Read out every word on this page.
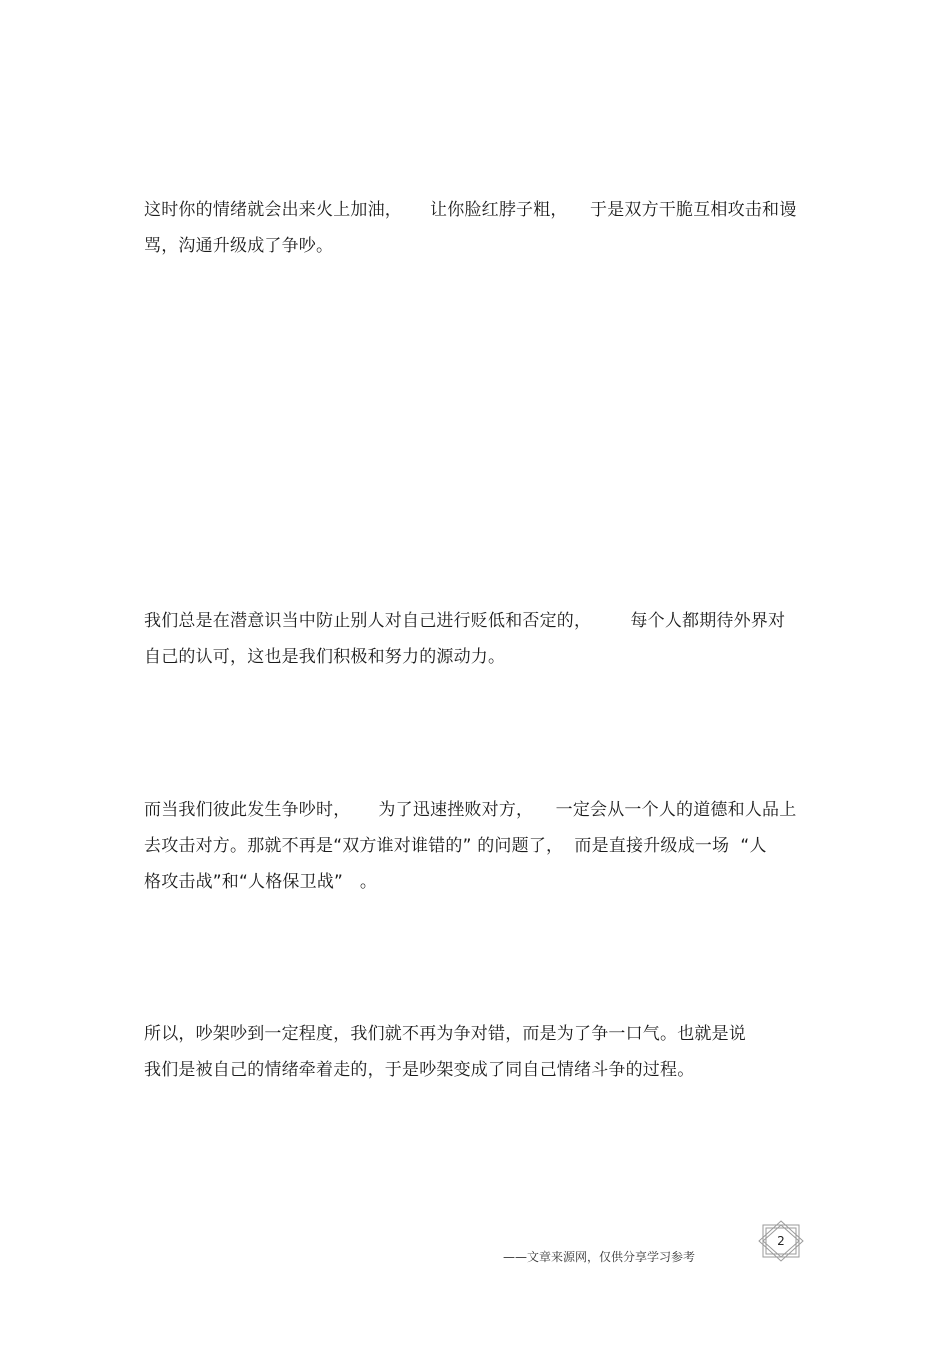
这时你的情绪就会出来火上加油，     让你脸红脖子粗，    于是双方干脆互相攻击和谩
骂，沟通升级成了争吵。

我们总是在潜意识当中防止别人对自己进行贬低和否定的，       每个人都期待外界对
自己的认可，这也是我们积极和努力的源动力。

而当我们彼此发生争吵时，     为了迅速挫败对方，    一定会从一个人的道德和人品上
去攻击对方。那就不再是“双方谁对谁错的” 的问题了，  而是直接升级成一场  “人
格攻击战”和“人格保卫战”   。

所以，吵架吵到一定程度，我们就不再为争对错，而是为了争一口气。也就是说
我们是被自己的情绪牵着走的，于是吵架变成了同自己情绪斗争的过程。

——文章来源网，仅供分享学习参考
2
